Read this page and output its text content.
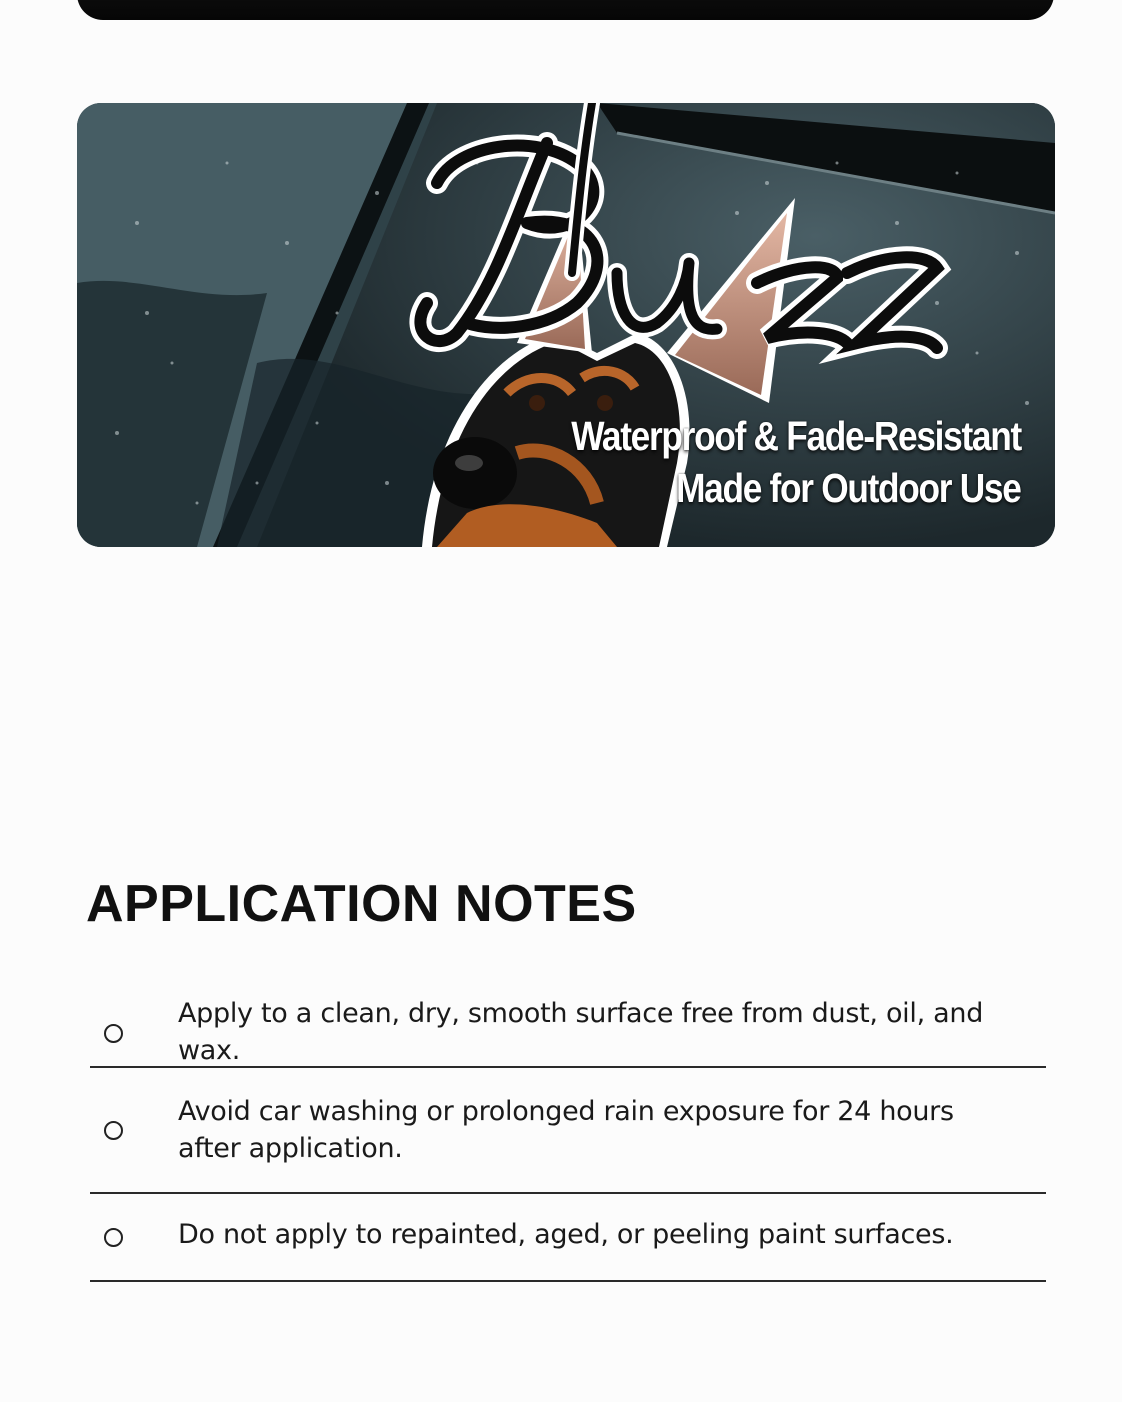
Waterproof & Fade-Resistant
Made for Outdoor Use
APPLICATION NOTES
Apply to a clean, dry, smooth surface free from dust, oil, and wax.
Avoid car washing or prolonged rain exposure for 24 hours after application.
Do not apply to repainted, aged, or peeling paint surfaces.
